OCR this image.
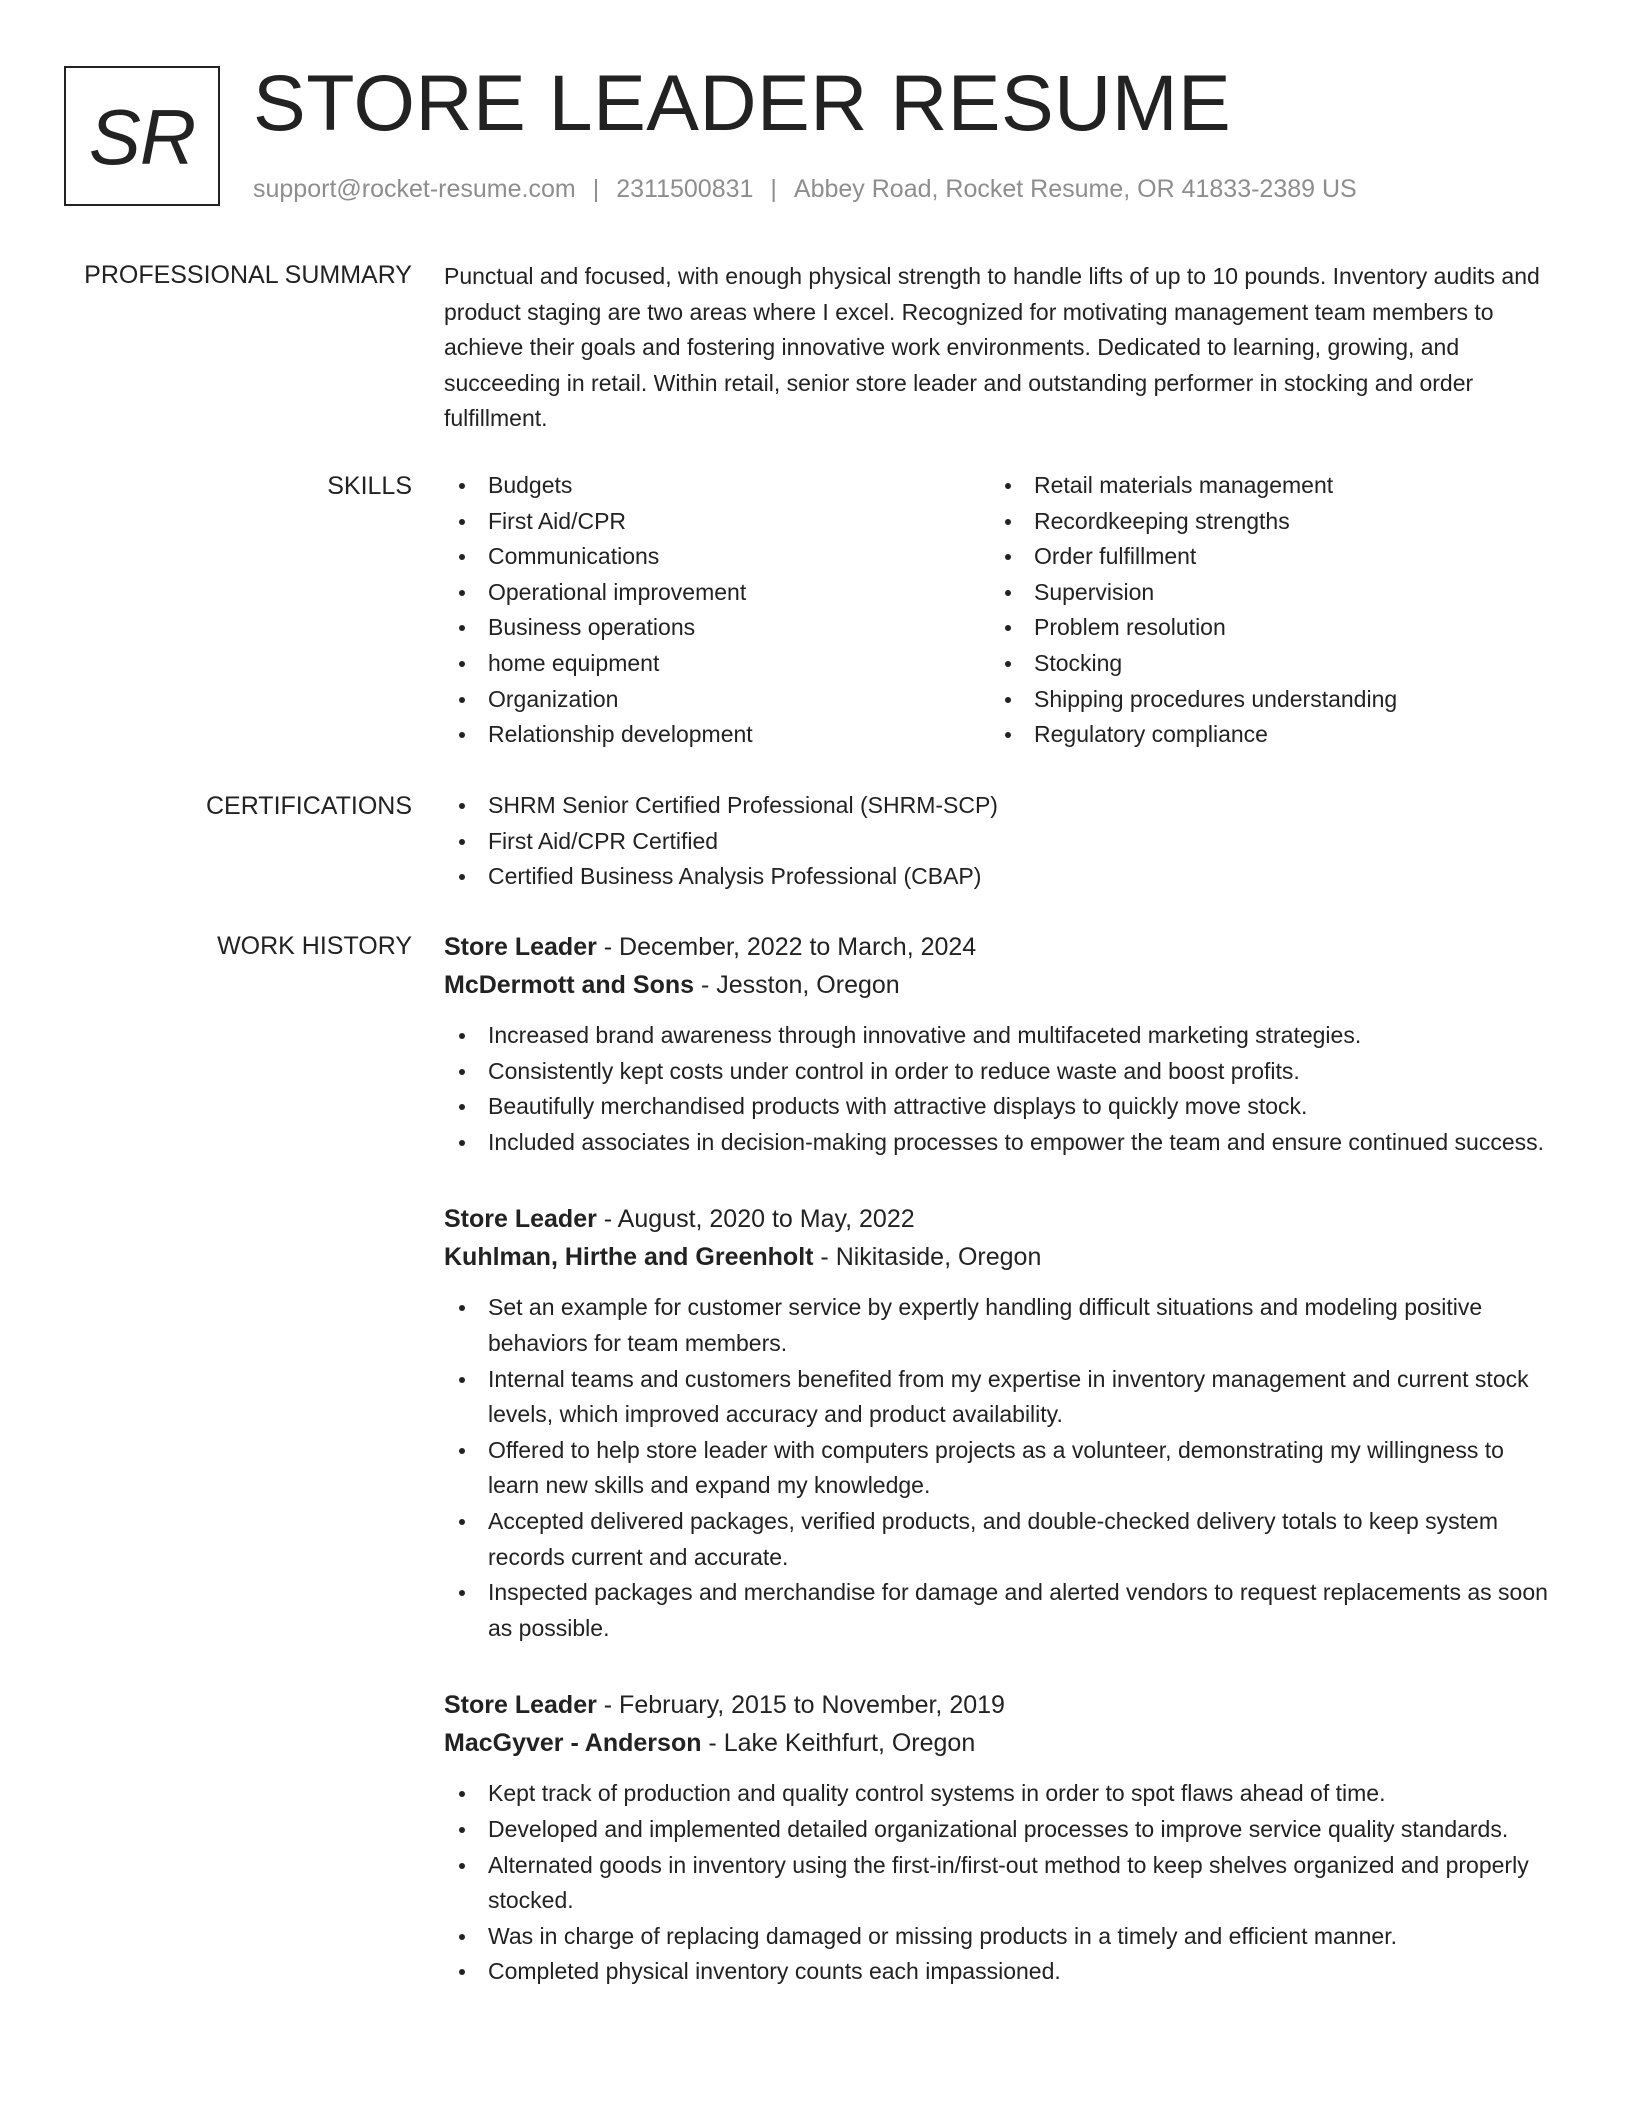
SR STORE LEADER RESUME
support@rocket-resume.com | 2311500831 | Abbey Road, Rocket Resume, OR 41833-2389 US
PROFESSIONAL SUMMARY Punctual and focused, with enough physical strength to handle lifts of up to 10 pounds. Inventory audits and product staging are two areas where I excel. Recognized for motivating management team members to achieve their goals and fostering innovative work environments. Dedicated to learning, growing, and succeeding in retail. Within retail, senior store leader and outstanding performer in stocking and order fulfillment.

SKILLS	Budgets
First Aid/CPR
Communications
Operational improvement
Business operations
home equipment
Organization
Relationship development
Retail materials management
Recordkeeping strengths
Order fulfillment
Supervision
Problem resolution
Stocking
Shipping procedures understanding
Regulatory compliance
CERTIFICATIONS	SHRM Senior Certified Professional (SHRM-SCP)
First Aid/CPR Certified
Certified Business Analysis Professional (CBAP)
WORK HISTORY Store Leader - December, 2022 to March, 2024
McDermott and Sons - Jesston, Oregon
Increased brand awareness through innovative and multifaceted marketing strategies.
Consistently kept costs under control in order to reduce waste and boost profits.
Beautifully merchandised products with attractive displays to quickly move stock.
Included associates in decision-making processes to empower the team and ensure continued success.
Store Leader - August, 2020 to May, 2022
Kuhlman, Hirthe and Greenholt - Nikitaside, Oregon
Set an example for customer service by expertly handling difficult situations and modeling positive behaviors for team members.
Internal teams and customers benefited from my expertise in inventory management and current stock levels, which improved accuracy and product availability.
Offered to help store leader with computers projects as a volunteer, demonstrating my willingness to learn new skills and expand my knowledge.
Accepted delivered packages, verified products, and double-checked delivery totals to keep system records current and accurate.
Inspected packages and merchandise for damage and alerted vendors to request replacements as soon as possible.
Store Leader - February, 2015 to November, 2019
MacGyver - Anderson - Lake Keithfurt, Oregon
Kept track of production and quality control systems in order to spot flaws ahead of time.
Developed and implemented detailed organizational processes to improve service quality standards.
Alternated goods in inventory using the first-in/first-out method to keep shelves organized and properly stocked.
Was in charge of replacing damaged or missing products in a timely and efficient manner.
Completed physical inventory counts each impassioned.
